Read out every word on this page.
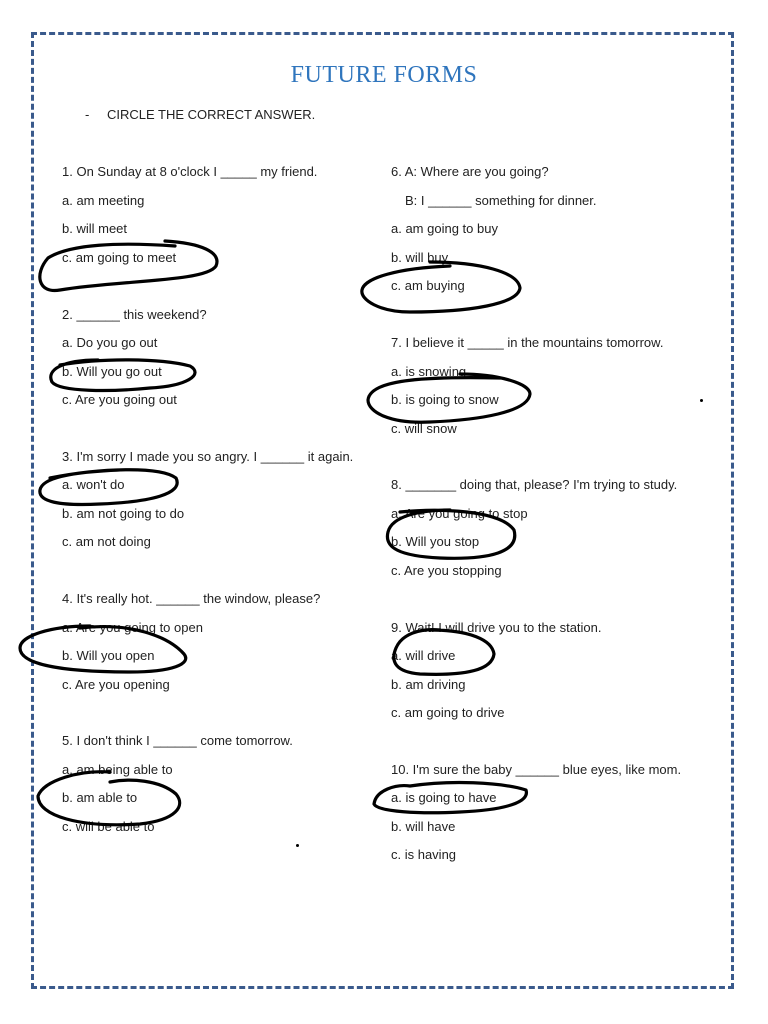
FUTURE FORMS
- CIRCLE THE CORRECT ANSWER.
1. On Sunday at 8 o'clock I _____ my friend.
a. am meeting
b. will meet
c. am going to meet
2. ______ this weekend?
a. Do you go out
b. Will you go out
c. Are you going out
3. I'm sorry I made you so angry. I ______ it again.
a. won't do
b. am not going to do
c. am not doing
4. It's really hot. ______ the window, please?
a. Are you going to open
b. Will you open
c. Are you opening
5. I don't think I ______ come tomorrow.
a. am being able to
b. am able to
c. will be able to
6. A: Where are you going?
B: I ______ something for dinner.
a. am going to buy
b. will buy
c. am buying
7. I believe it _____ in the mountains tomorrow.
a. is snowing
b. is going to snow
c. will snow
8. _______ doing that, please? I'm trying to study.
a. Are you going to stop
b. Will you stop
c. Are you stopping
9. Wait! I will drive you to the station.
a. will drive
b. am driving
c. am going to drive
10. I'm sure the baby ______ blue eyes, like mom.
a. is going to have
b. will have
c. is having
